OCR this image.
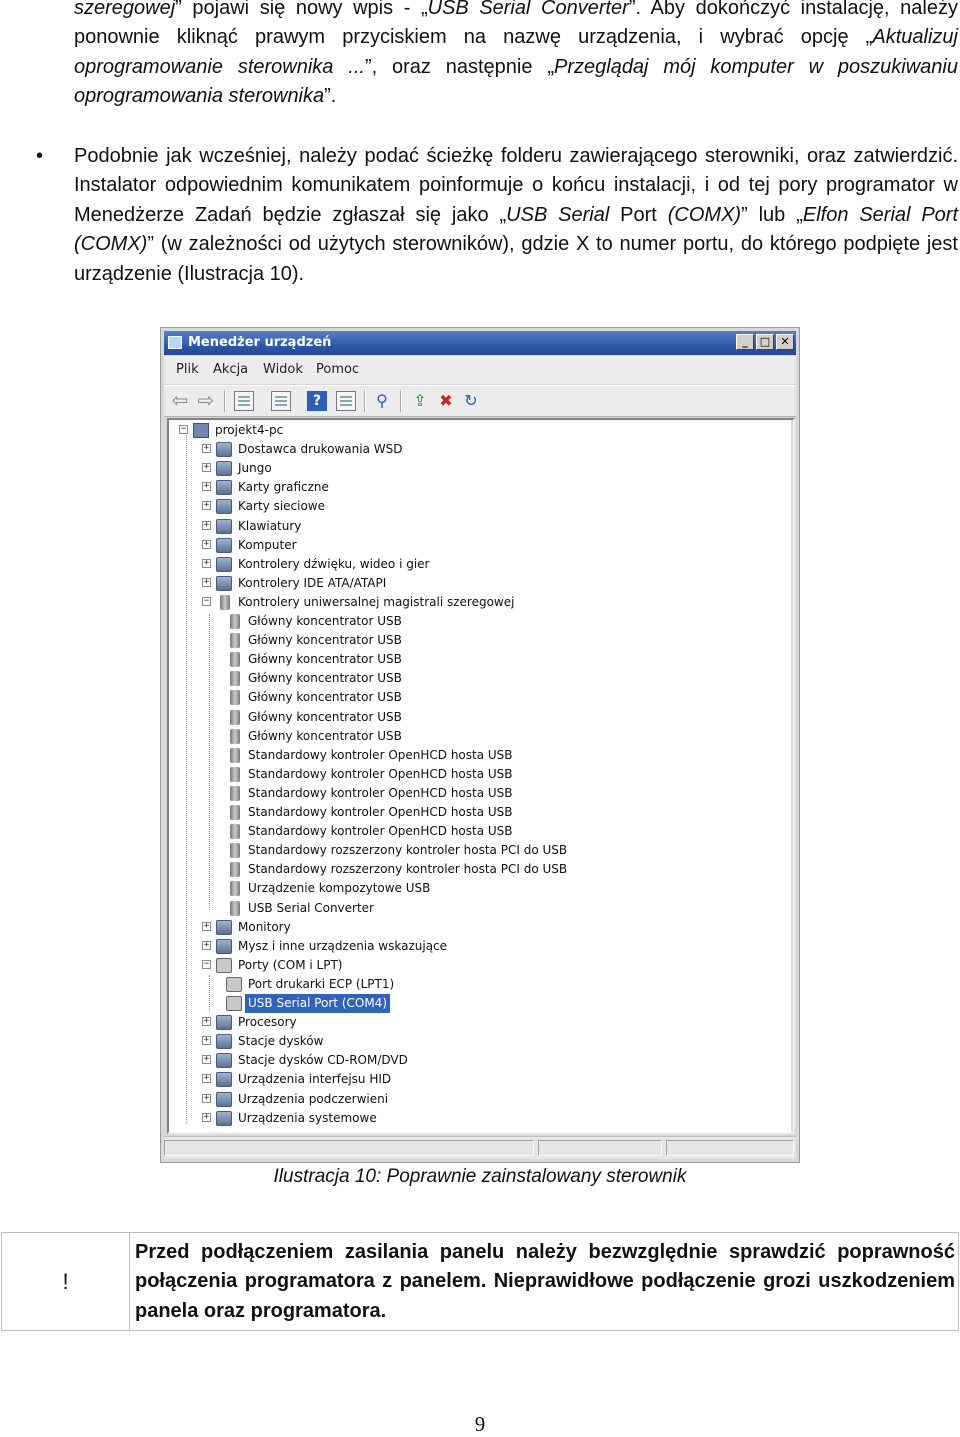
szeregowej” pojawi się nowy wpis - „USB Serial Converter”. Aby dokończyć instalację, należy ponownie kliknąć prawym przyciskiem na nazwę urządzenia, i wybrać opcję „Aktualizuj oprogramowanie sterownika ...”, oraz następnie „Przeglądaj mój komputer w poszukiwaniu oprogramowania sterownika”.

• Podobnie jak wcześniej, należy podać ścieżkę folderu zawierającego sterowniki, oraz zatwierdzić. Instalator odpowiednim komunikatem poinformuje o końcu instalacji, i od tej pory programator w Menedżerze Zadań będzie zgłaszał się jako „USB Serial Port (COMX)” lub „Elfon Serial Port (COMX)” (w zależności od użytych sterowników), gdzie X to numer portu, do którego podpięte jest urządzenie (Ilustracja 10).

Menedżer urządzeń	_	□ ✕
Plik Akcja Widok Pomoc
⇦ ⇨	?	⚲ ⇪ ✖ ↻
− projekt4-pc
+ Dostawca drukowania WSD
+ Jungo
+ Karty graficzne
+ Karty sieciowe
+ Klawiatury
+ Komputer
+ Kontrolery dźwięku, wideo i gier
+ Kontrolery IDE ATA/ATAPI
− Kontrolery uniwersalnej magistrali szeregowej
Główny koncentrator USB
Główny koncentrator USB
Główny koncentrator USB
Główny koncentrator USB
Główny koncentrator USB
Główny koncentrator USB
Główny koncentrator USB
Standardowy kontroler OpenHCD hosta USB
Standardowy kontroler OpenHCD hosta USB
Standardowy kontroler OpenHCD hosta USB
Standardowy kontroler OpenHCD hosta USB
Standardowy kontroler OpenHCD hosta USB
Standardowy rozszerzony kontroler hosta PCI do USB
Standardowy rozszerzony kontroler hosta PCI do USB
Urządzenie kompozytowe USB
USB Serial Converter
+ Monitory
+ Mysz i inne urządzenia wskazujące
− Porty (COM i LPT)
Port drukarki ECP (LPT1)
USB Serial Port (COM4)
+ Procesory
+ Stacje dysków
+ Stacje dysków CD-ROM/DVD
+ Urządzenia interfejsu HID
+ Urządzenia podczerwieni
+ Urządzenia systemowe
Ilustracja 10: Poprawnie zainstalowany sterownik
!
Przed podłączeniem zasilania panelu należy bezwzględnie sprawdzić poprawność połączenia programatora z panelem. Nieprawidłowe podłączenie grozi uszkodzeniem panela oraz programatora.
9
